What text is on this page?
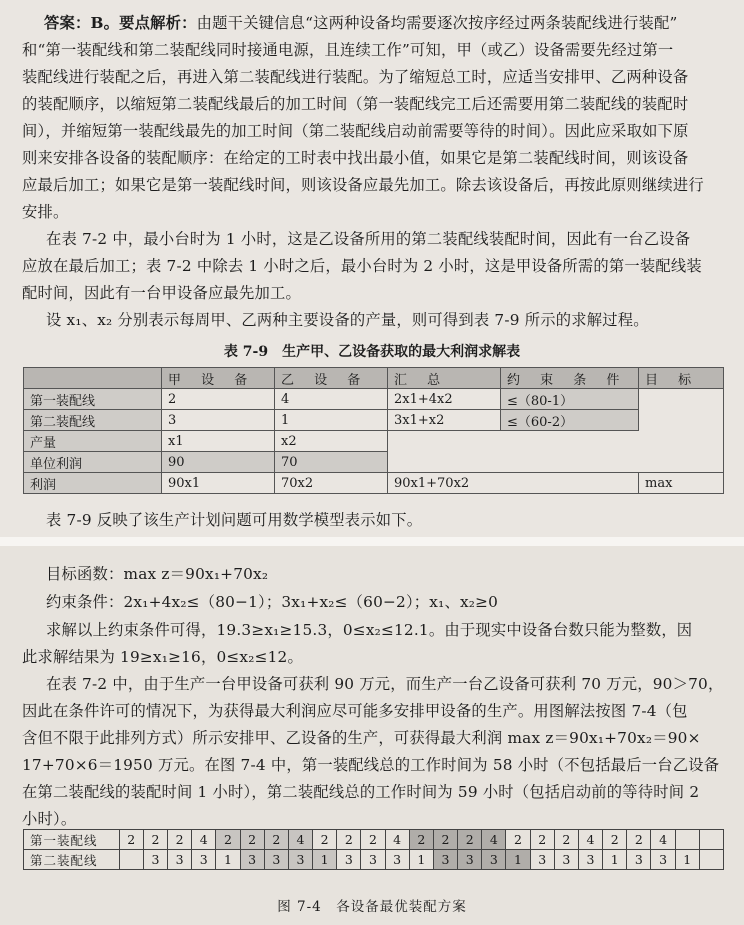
答案：B。要点解析：由题干关键信息“这两种设备均需要逐次按序经过两条装配线进行装配”
和“第一装配线和第二装配线同时接通电源，且连续工作”可知，甲（或乙）设备需要先经过第一
装配线进行装配之后，再进入第二装配线进行装配。为了缩短总工时，应适当安排甲、乙两种设备
的装配顺序，以缩短第二装配线最后的加工时间（第一装配线完工后还需要用第二装配线的装配时
间），并缩短第一装配线最先的加工时间（第二装配线启动前需要等待的时间）。因此应采取如下原
则来安排各设备的装配顺序：在给定的工时表中找出最小值，如果它是第二装配线时间，则该设备
应最后加工；如果它是第一装配线时间，则该设备应最先加工。除去该设备后，再按此原则继续进行
安排。
在表 7-2 中，最小台时为 1 小时，这是乙设备所用的第二装配线装配时间，因此有一台乙设备
应放在最后加工；表 7-2 中除去 1 小时之后，最小台时为 2 小时，这是甲设备所需的第一装配线装
配时间，因此有一台甲设备应最先加工。
设 x₁、x₂ 分别表示每周甲、乙两种主要设备的产量，则可得到表 7-9 所示的求解过程。
表 7-9　生产甲、乙设备获取的最大利润求解表
	甲 设 备	乙 设 备	汇 总	约 束 条 件	目 标
第一装配线	2	4	2x1+4x2	≤（80-1）	
第二装配线	3	1	3x1+x2	≤（60-2）	
产量	x1	x2			
单位利润	90	70			
利润	90x1	70x2	90x1+70x2		max
表 7-9 反映了该生产计划问题可用数学模型表示如下。
目标函数：max z＝90x₁+70x₂
约束条件：2x₁+4x₂≤（80−1）；3x₁+x₂≤（60−2）；x₁、x₂≥0
求解以上约束条件可得，19.3≥x₁≥15.3，0≤x₂≤12.1。由于现实中设备台数只能为整数，因
此求解结果为 19≥x₁≥16，0≤x₂≤12。
在表 7-2 中，由于生产一台甲设备可获利 90 万元，而生产一台乙设备可获利 70 万元，90＞70，
因此在条件许可的情况下，为获得最大利润应尽可能多安排甲设备的生产。用图解法按图 7-4（包
含但不限于此排列方式）所示安排甲、乙设备的生产，可获得最大利润 max z＝90x₁+70x₂＝90×
17+70×6＝1950 万元。在图 7-4 中，第一装配线总的工作时间为 58 小时（不包括最后一台乙设备
在第二装配线的装配时间 1 小时），第二装配线总的工作时间为 59 小时（包括启动前的等待时间 2
小时）。
第一装配线	2	2	2	4	2	2	2	4	2	2	2	4	2	2	2	4	2	2	2	4	2	2	4		
第二装配线		3	3	3	1	3	3	3	1	3	3	3	1	3	3	3	1	3	3	3	1	3	3	1	
图 7-4　各设备最优装配方案
